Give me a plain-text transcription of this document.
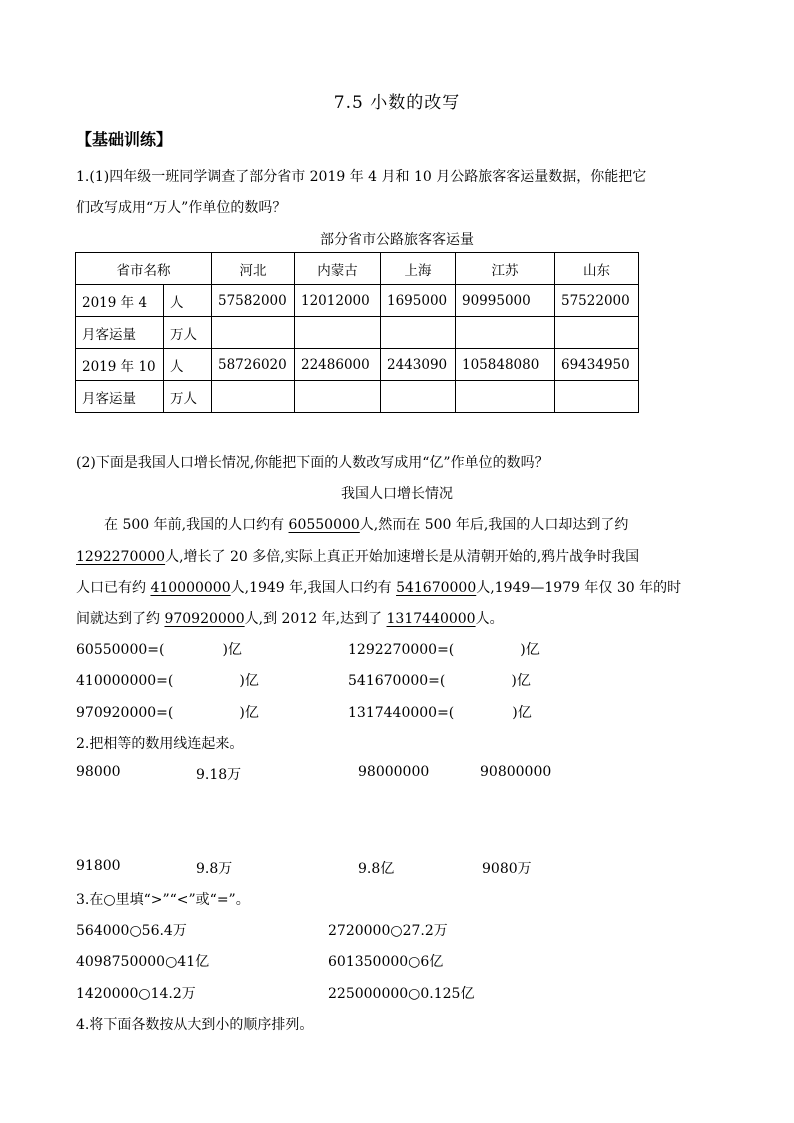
7.5 小数的改写
【基础训练】
1.(1)四年级一班同学调查了部分省市 2019 年 4 月和 10 月公路旅客客运量数据，你能把它
们改写成用“万人”作单位的数吗？
部分省市公路旅客客运量
省市名称		河北	内蒙古	上海	江苏	山东
2019 年 4	人	57582000	12012000	1695000	90995000	57522000
月客运量	万人					
2019 年 10	人	58726020	22486000	2443090	105848080	69434950
月客运量	万人					
(2)下面是我国人口增长情况,你能把下面的人数改写成用“亿”作单位的数吗？
我国人口增长情况
在 500 年前,我国的人口约有 60550000人,然而在 500 年后,我国的人口却达到了约
1292270000人,增长了 20 多倍,实际上真正开始加速增长是从清朝开始的,鸦片战争时我国
人口已有约 410000000人,1949 年,我国人口约有 541670000人,1949—1979 年仅 30 年的时
间就达到了约 970920000人,到 2012 年,达到了 1317440000人。
60550000=(	)亿	1292270000=(	)亿
410000000=(	)亿	541670000=(	)亿
970920000=(	)亿	1317440000=(	)亿
2.把相等的数用线连起来。
98000	9.18万	98000000	90800000
91800	9.8万	9.8亿	9080万
3.在○里填“>”“<”或“=”。
564000○56.4万	2720000○27.2万
4098750000○41亿	601350000○6亿
1420000○14.2万	225000000○0.125亿
4.将下面各数按从大到小的顺序排列。
